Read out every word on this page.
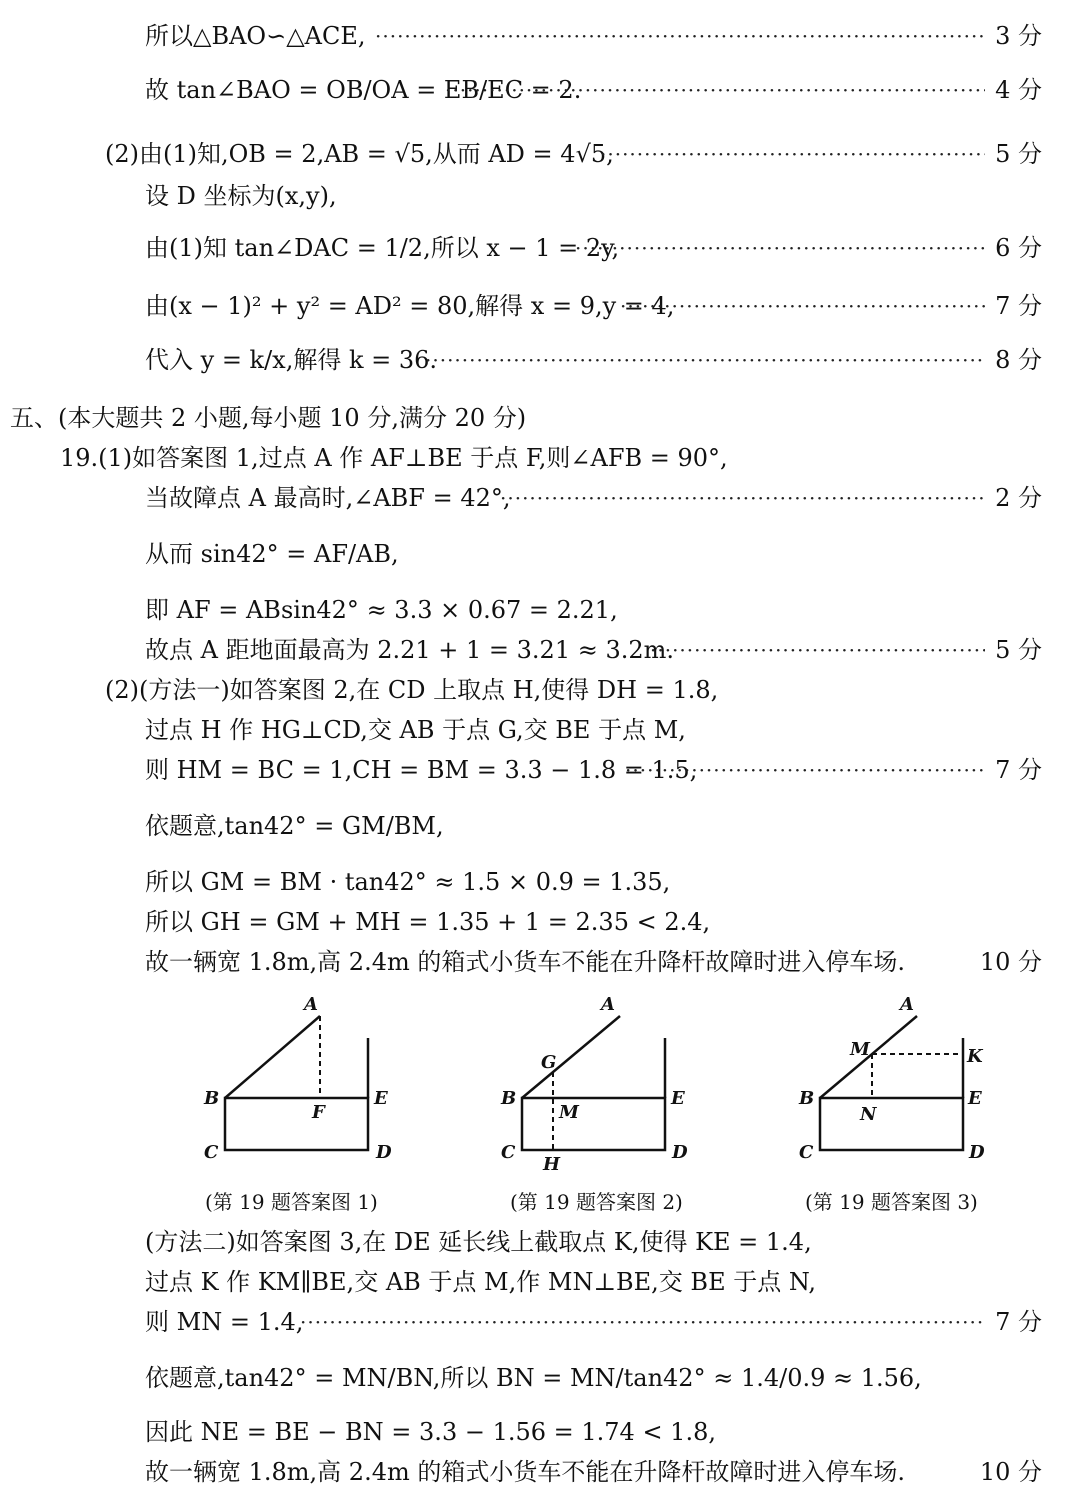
所以△BAO∽△ACE, ·····	3 分
故 tan∠BAO = OB/OA = EB/EC = 2. ·····	4 分
(2)由(1)知,OB = 2,AB = √5,从而 AD = 4√5, ·····	5 分
设 D 坐标为(x,y),
由(1)知 tan∠DAC = 1/2,所以 x − 1 = 2y, ·····	6 分
由(x − 1)² + y² = AD² = 80,解得 x = 9,y = 4, ·····	7 分
代入 y = k/x,解得 k = 36. ·····	8 分
五、(本大题共 2 小题,每小题 10 分,满分 20 分)
19.(1)如答案图 1,过点 A 作 AF⊥BE 于点 F,则∠AFB = 90°,
当故障点 A 最高时,∠ABF = 42°, ·····	2 分
从而 sin42° = AF/AB,
即 AF = ABsin42° ≈ 3.3 × 0.67 = 2.21,
故点 A 距地面最高为 2.21 + 1 = 3.21 ≈ 3.2m. ·····	5 分
(2)(方法一)如答案图 2,在 CD 上取点 H,使得 DH = 1.8,
过点 H 作 HG⊥CD,交 AB 于点 G,交 BE 于点 M,
则 HM = BC = 1,CH = BM = 3.3 − 1.8 = 1.5, ·····	7 分
依题意,tan42° = GM/BM,
所以 GM = BM · tan42° ≈ 1.5 × 0.9 = 1.35,
所以 GH = GM + MH = 1.35 + 1 = 2.35 < 2.4,
故一辆宽 1.8m,高 2.4m 的箱式小货车不能在升降杆故障时进入停车场.	10 分
A
B
C	D
E
F
A
B
C	D
E
G
M
H
A
B
C	D
E
M
N
K
(第 19 题答案图 1)	(第 19 题答案图 2)	(第 19 题答案图 3)
(方法二)如答案图 3,在 DE 延长线上截取点 K,使得 KE = 1.4,
过点 K 作 KM∥BE,交 AB 于点 M,作 MN⊥BE,交 BE 于点 N,
则 MN = 1.4, ·····	7 分
依题意,tan42° = MN/BN,所以 BN = MN/tan42° ≈ 1.4/0.9 ≈ 1.56,
因此 NE = BE − BN = 3.3 − 1.56 = 1.74 < 1.8,
故一辆宽 1.8m,高 2.4m 的箱式小货车不能在升降杆故障时进入停车场.	10 分
